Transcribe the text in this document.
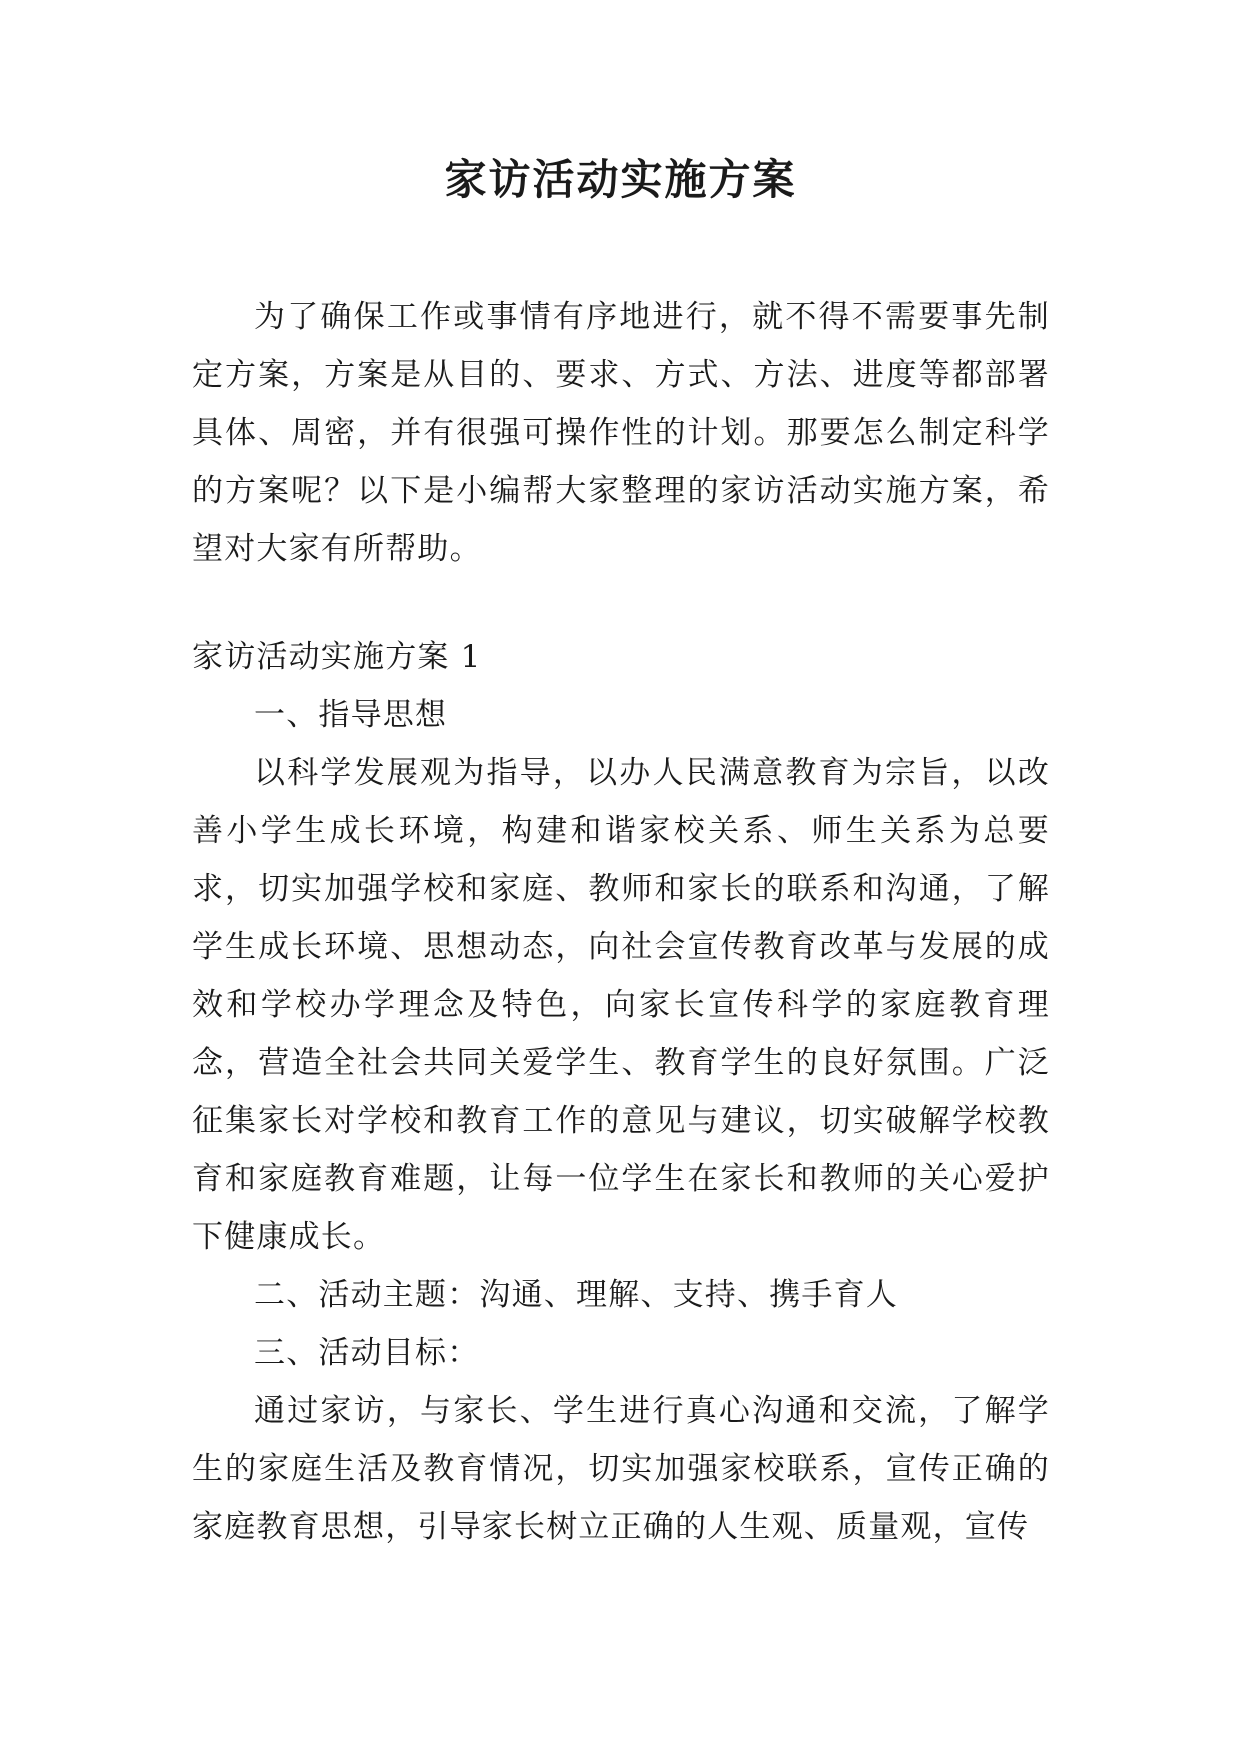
家访活动实施方案

为了确保工作或事情有序地进行，就不得不需要事先制定方案，方案是从目的、要求、方式、方法、进度等都部署具体、周密，并有很强可操作性的计划。那要怎么制定科学的方案呢？以下是小编帮大家整理的家访活动实施方案，希望对大家有所帮助。

家访活动实施方案 1

一、指导思想

以科学发展观为指导，以办人民满意教育为宗旨，以改善小学生成长环境，构建和谐家校关系、师生关系为总要求，切实加强学校和家庭、教师和家长的联系和沟通，了解学生成长环境、思想动态，向社会宣传教育改革与发展的成效和学校办学理念及特色，向家长宣传科学的家庭教育理念，营造全社会共同关爱学生、教育学生的良好氛围。广泛征集家长对学校和教育工作的意见与建议，切实破解学校教育和家庭教育难题，让每一位学生在家长和教师的关心爱护下健康成长。

二、活动主题：沟通、理解、支持、携手育人

三、活动目标：

通过家访，与家长、学生进行真心沟通和交流，了解学生的家庭生活及教育情况，切实加强家校联系，宣传正确的家庭教育思想，引导家长树立正确的人生观、质量观，宣传
